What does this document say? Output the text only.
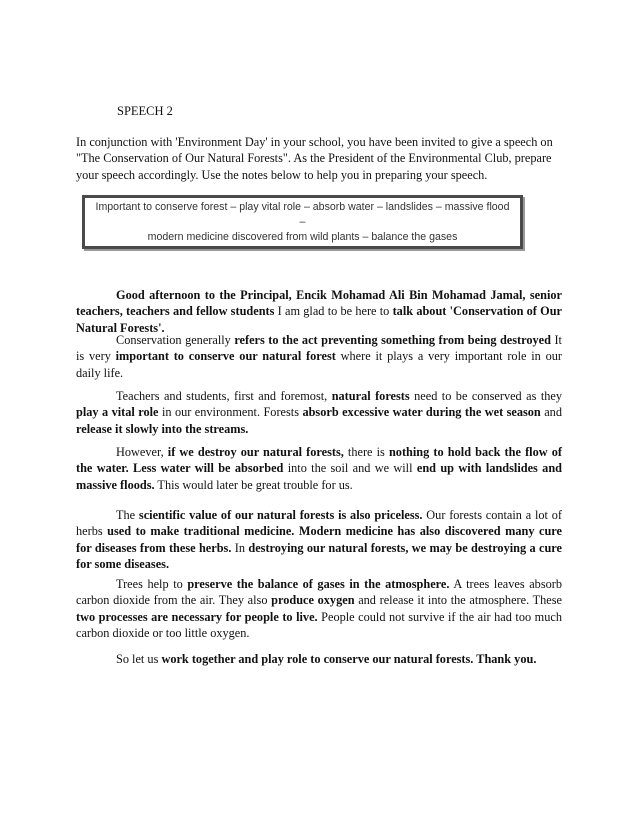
SPEECH 2

In conjunction with 'Environment Day' in your school, you have been invited to give a speech on "The Conservation of Our Natural Forests". As the President of the Environmental Club, prepare your speech accordingly. Use the notes below to help you in preparing your speech.

Important to conserve forest – play vital role – absorb water – landslides – massive flood –
modern medicine discovered from wild plants – balance the gases

Good afternoon to the Principal, Encik Mohamad Ali Bin Mohamad Jamal, senior teachers, teachers and fellow students I am glad to be here to talk about 'Conservation of Our Natural Forests'.

Conservation generally refers to the act preventing something from being destroyed It is very important to conserve our natural forest where it plays a very important role in our daily life.

Teachers and students, first and foremost, natural forests need to be conserved as they play a vital role in our environment. Forests absorb excessive water during the wet season and release it slowly into the streams.

However, if we destroy our natural forests, there is nothing to hold back the flow of the water. Less water will be absorbed into the soil and we will end up with landslides and massive floods. This would later be great trouble for us.

The scientific value of our natural forests is also priceless. Our forests contain a lot of herbs used to make traditional medicine. Modern medicine has also discovered many cure for diseases from these herbs. In destroying our natural forests, we may be destroying a cure for some diseases.

Trees help to preserve the balance of gases in the atmosphere. A trees leaves absorb carbon dioxide from the air. They also produce oxygen and release it into the atmosphere. These two processes are necessary for people to live. People could not survive if the air had too much carbon dioxide or too little oxygen.

So let us work together and play role to conserve our natural forests. Thank you.
